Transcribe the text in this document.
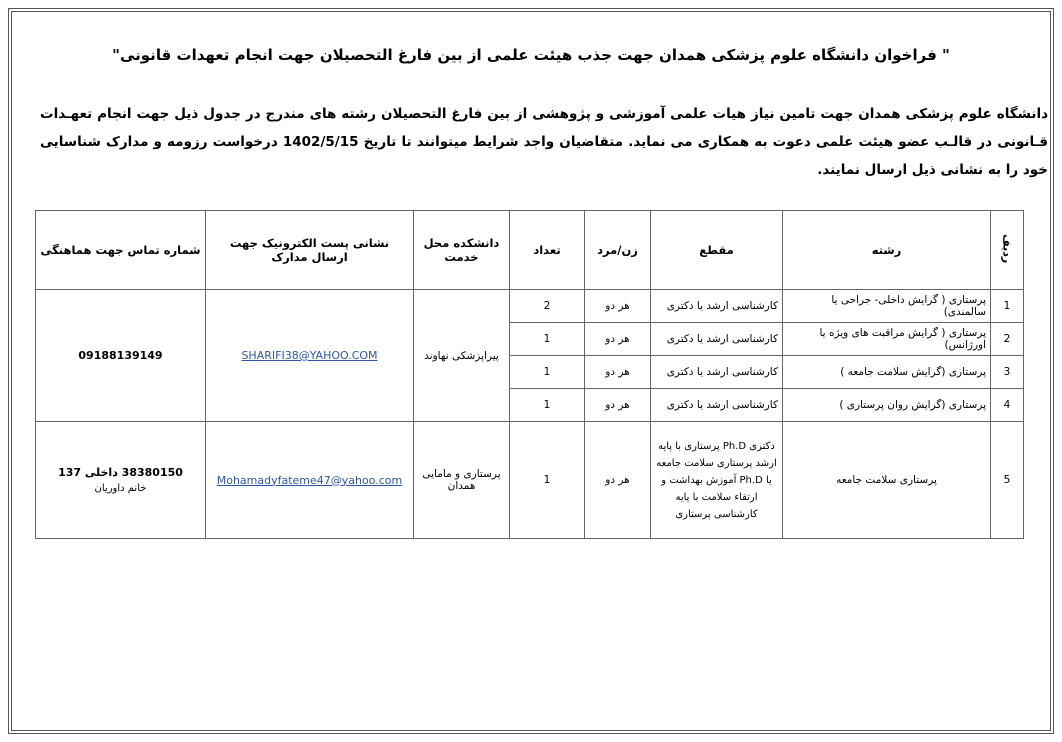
" فراخوان دانشگاه علوم پزشکی همدان جهت جذب هیئت علمی از بین فارغ التحصیلان جهت انجام تعهدات قانونی"
دانشگاه علوم پزشکی همدان جهت تامین نیاز هیات علمی آموزشی و پژوهشی از بین فارغ التحصیلان رشته های مندرج در جدول ذیل جهت انجام تعهـدات قـانونی در قالـب عضو هیئت علمی دعوت به همکاری می نماید. متقاضیان واجد شرایط میتوانند تا تاریخ 1402/5/15 درخواست رزومه و مدارک شناسایی خود را به نشانی ذیل ارسال نمایند.
ردیف	رشته	مقطع	زن/مرد	تعداد	دانشکده محل خدمت	نشانی پست الکترونیک جهت ارسال مدارک	شماره تماس جهت هماهنگی
1	پرستاری ( گرایش داخلی- جراحی یا سالمندی)	کارشناسی ارشد یا دکتری	هر دو	2	پیراپزشکی نهاوند	SHARIFI38@YAHOO.COM	09188139149
2	پرستاری ( گرایش مراقبت های ویژه یا اورژانس)	کارشناسی ارشد یا دکتری	هر دو	1			
3	پرستاری (گرایش سلامت جامعه )	کارشناسی ارشد یا دکتری	هر دو	1			
4	پرستاری (گرایش روان پرستاری )	کارشناسی ارشد یا دکتری	هر دو	1			
5	پرستاری سلامت جامعه	دکتری Ph.D پرستاری با پایه ارشد پرستاری سلامت جامعه یا Ph.D آموزش بهداشت و ارتقاء سلامت با پایه کارشناسی پرستاری	هر دو	1	پرستاری و مامایی همدان	Mohamadyfateme47@yahoo.com	38380150 داخلی 137
خانم داوریان
